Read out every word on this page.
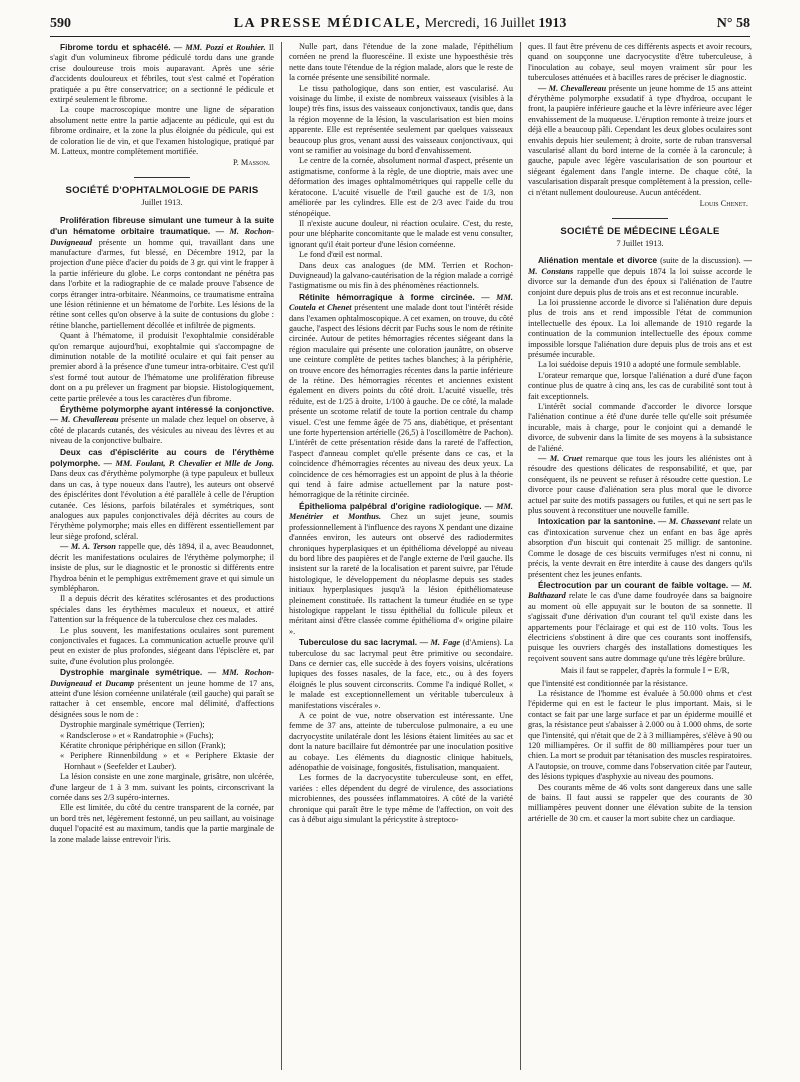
590	LA PRESSE MÉDICALE, Mercredi, 16 Juillet 1913	N° 58

Fibrome tordu et sphacélé. — MM. Pozzi et Rouhier. Il s'agit d'un volumineux fibrome pédiculé tordu dans une grande crise douloureuse trois mois auparavant. Après une série d'accidents douloureux et fébriles, tout s'est calmé et l'opération pratiquée a pu être conservatrice; on a sectionné le pédicule et extirpé seulement le fibrome.

La coupe macroscopique montre une ligne de séparation absolument nette entre la partie adjacente au pédicule, qui est du fibrome ordinaire, et la zone la plus éloignée du pédicule, qui est de coloration lie de vin, et que l'examen histologique, pratiqué par M. Latteux, montre complètement mortifiée.

P. Masson.
SOCIÉTÉ D'OPHTALMOLOGIE DE PARIS
Juillet 1913.

Prolifération fibreuse simulant une tumeur à la suite d'un hématome orbitaire traumatique. — M. Rochon-Duvigneaud présente un homme qui, travaillant dans une manufacture d'armes, fut blessé, en Décembre 1912, par la projection d'une pièce d'acier du poids de 3 gr. qui vint le frapper à la partie inférieure du globe. Le corps contondant ne pénétra pas dans l'orbite et la radiographie de ce malade prouve l'absence de corps étranger intra-orbitaire. Néanmoins, ce traumatisme entraîna une lésion rétinienne et un hématome de l'orbite. Les lésions de la rétine sont celles qu'on observe à la suite de contusions du globe : rétine blanche, partiellement décollée et infiltrée de pigments.

Quant à l'hématome, il produisit l'exophtalmie considérable qu'on remarque aujourd'hui, exophtalmie qui s'accompagne de diminution notable de la motilité oculaire et qui fait penser au premier abord à la présence d'une tumeur intra-orbitaire. C'est qu'il s'est formé tout autour de l'hématome une prolifération fibreuse dont on a pu prélever un fragment par biopsie. Histologiquement, cette partie prélevée a tous les caractères d'un fibrome.

Érythème polymorphe ayant intéressé la conjonctive. — M. Chevallereau présente un malade chez lequel on observe, à côté de placards cutanés, des vésicules au niveau des lèvres et au niveau de la conjonctive bulbaire.

Deux cas d'épisclérite au cours de l'érythème polymorphe. — MM. Foulant, P. Chevalier et Mlle de Jong. Dans deux cas d'érythème polymorphe (à type papuleux et bulleux dans un cas, à type noueux dans l'autre), les auteurs ont observé des épisclérites dont l'évolution a été parallèle à celle de l'éruption cutanée. Ces lésions, parfois bilatérales et symétriques, sont analogues aux papules conjonctivales déjà décrites au cours de l'érythème polymorphe; mais elles en diffèrent essentiellement par leur siège profond, scléral.

— M. A. Terson rappelle que, dès 1894, il a, avec Beaudonnet, décrit les manifestations oculaires de l'érythème polymorphe; il insiste de plus, sur le diagnostic et le pronostic si différents entre l'hydroa bénin et le pemphigus extrêmement grave et qui simule un symblépharon.

Il a depuis décrit des kératites sclérosantes et des productions spéciales dans les érythèmes maculeux et noueux, et attiré l'attention sur la fréquence de la tuberculose chez ces malades.

Le plus souvent, les manifestations oculaires sont purement conjonctivales et fugaces. La communication actuelle prouve qu'il peut en exister de plus profondes, siégeant dans l'épisclère et, par suite, d'une évolution plus prolongée.

Dystrophie marginale symétrique. — MM. Rochon-Duvigneaud et Ducamp présentent un jeune homme de 17 ans, atteint d'une lésion cornéenne unilatérale (œil gauche) qui paraît se rattacher à cet ensemble, encore mal délimité, d'affections désignées sous le nom de :

Dystrophie marginale symétrique (Terrien);

« Randsclerose » et « Randatrophie » (Fuchs);

Kératite chronique périphérique en sillon (Frank);

« Periphere Rinnenbildung » et « Periphere Ektasie der Hornhaut » (Seefelder et Lauber).

La lésion consiste en une zone marginale, grisâtre, non ulcérée, d'une largeur de 1 à 3 mm. suivant les points, circonscrivant la cornée dans ses 2/3 supéro-internes.

Elle est limitée, du côté du centre transparent de la cornée, par un bord très net, légèrement festonné, un peu saillant, au voisinage duquel l'opacité est au maximum, tandis que la partie marginale de la zone malade laisse entrevoir l'iris.

Nulle part, dans l'étendue de la zone malade, l'épithélium cornéen ne prend la fluorescéine. Il existe une hypoesthésie très nette dans toute l'étendue de la région malade, alors que le reste de la cornée présente une sensibilité normale.

Le tissu pathologique, dans son entier, est vascularisé. Au voisinage du limbe, il existe de nombreux vaisseaux (visibles à la loupe) très fins, issus des vaisseaux conjonctivaux, tandis que, dans la région moyenne de la lésion, la vascularisation est bien moins apparente. Elle est représentée seulement par quelques vaisseaux beaucoup plus gros, venant aussi des vaisseaux conjonctivaux, qui vont se ramifier au voisinage du bord d'envahissement.

Le centre de la cornée, absolument normal d'aspect, présente un astigmatisme, conforme à la règle, de une dioptrie, mais avec une déformation des images ophtalmométriques qui rappelle celle du kératocone. L'acuité visuelle de l'œil gauche est de 1/3, non améliorée par les cylindres. Elle est de 2/3 avec l'aide du trou sténopéique.

Il n'existe aucune douleur, ni réaction oculaire. C'est, du reste, pour une blépharite concomitante que le malade est venu consulter, ignorant qu'il était porteur d'une lésion cornéenne.

Le fond d'œil est normal.

Dans deux cas analogues (de MM. Terrien et Rochon-Duvigneaud) la galvano-cautérisation de la région malade a corrigé l'astigmatisme ou mis fin à des phénomènes réactionnels.

Rétinite hémorragique à forme circinée. — MM. Coutela et Chenet présentent une malade dont tout l'intérêt réside dans l'examen ophtalmoscopique. A cet examen, on trouve, du côté gauche, l'aspect des lésions décrit par Fuchs sous le nom de rétinite circinée. Autour de petites hémorragies récentes siégeant dans la région maculaire qui présente une coloration jaunâtre, on observe une ceinture complète de petites taches blanches; à la périphérie, on trouve encore des hémorragies récentes dans la partie inférieure de la rétine. Des hémorragies récentes et anciennes existent également en divers points du côté droit. L'acuité visuelle, très réduite, est de 1/25 à droite, 1/100 à gauche. De ce côté, la malade présente un scotome relatif de toute la portion centrale du champ visuel. C'est une femme âgée de 75 ans, diabétique, et présentant une forte hypertension artérielle (26,5) à l'oscillomètre de Pachon). L'intérêt de cette présentation réside dans la rareté de l'affection, l'aspect d'anneau complet qu'elle présente dans ce cas, et la coïncidence d'hémorragies récentes au niveau des deux yeux. La coïncidence de ces hémorragies est un appoint de plus à la théorie qui tend à faire admise actuellement par la nature post-hémorragique de la rétinite circinée.

Épithelioma palpébral d'origine radiologique. — MM. Menétrier et Monthus. Chez un sujet jeune, soumis professionnellement à l'influence des rayons X pendant une dizaine d'années environ, les auteurs ont observé des radiodermites chroniques hyperplasiques et un épithélioma développé au niveau du bord libre des paupières et de l'angle externe de l'œil gauche. Ils insistent sur la rareté de la localisation et parent suivre, par l'étude histologique, le développement du néoplasme depuis ses stades initiaux hyperplasiques jusqu'à la lésion épithéliomateuse pleinement constituée. Ils rattachent la tumeur étudiée en se type histologique rappelant le tissu épithélial du follicule pileux et méritant ainsi d'être classée comme épithélioma d'« origine pilaire ».

Tuberculose du sac lacrymal. — M. Fage (d'Amiens). La tuberculose du sac lacrymal peut être primitive ou secondaire. Dans ce dernier cas, elle succède à des foyers voisins, ulcérations lupiques des fosses nasales, de la face, etc., ou à des foyers éloignés le plus souvent circonscrits. Comme l'a indiqué Rollet, « le malade est exceptionnellement un véritable tuberculeux à manifestations viscérales ».

A ce point de vue, notre observation est intéressante. Une femme de 37 ans, atteinte de tuberculose pulmonaire, a eu une dacryocystite unilatérale dont les lésions étaient limitées au sac et dont la nature bacillaire fut démontrée par une inoculation positive au cobaye. Les éléments du diagnostic clinique habituels, adénopathie de voisinage, fongosités, fistulisation, manquaient.

Les formes de la dacryocystite tuberculeuse sont, en effet, variées : elles dépendent du degré de virulence, des associations microbiennes, des poussées inflammatoires. A côté de la variété chronique qui paraît être le type même de l'affection, on voit des cas à début aigu simulant la péricystite à streptoco-

ques. Il faut être prévenu de ces différents aspects et avoir recours, quand on soupçonne une dacryocystite d'être tuberculeuse, à l'inoculation au cobaye, seul moyen vraiment sûr pour les tuberculoses atténuées et à bacilles rares de préciser le diagnostic.

— M. Chevallereau présente un jeune homme de 15 ans atteint d'érythème polymorphe exsudatif à type d'hydroa, occupant le front, la paupière inférieure gauche et la lèvre inférieure avec léger envahissement de la muqueuse. L'éruption remonte à treize jours et déjà elle a beaucoup pâli. Cependant les deux globes oculaires sont envahis depuis hier seulement; à droite, sorte de ruban transversal vascularisé allant du bord interne de la cornée à la caroncule; à gauche, papule avec légère vascularisation de son pourtour et siégeant également dans l'angle interne. De chaque côté, la vascularisation disparaît presque complètement à la pression, celle-ci n'étant nullement douloureuse. Aucun antécédent.

Louis Chenet.
SOCIÉTÉ DE MÉDECINE LÉGALE
7 Juillet 1913.

Aliénation mentale et divorce (suite de la discussion). — M. Constans rappelle que depuis 1874 la loi suisse accorde le divorce sur la demande d'un des époux si l'aliénation de l'autre conjoint dure depuis plus de trois ans et est reconnue incurable.

La loi prussienne accorde le divorce si l'aliénation dure depuis plus de trois ans et rend impossible l'état de communion intellectuelle des époux. La loi allemande de 1910 regarde la continuation de la communion intellectuelle des époux comme impossible lorsque l'aliénation dure depuis plus de trois ans et est présumée incurable.

La loi suédoise depuis 1910 a adopté une formule semblable.

L'orateur remarque que, lorsque l'aliénation a duré d'une façon continue plus de quatre à cinq ans, les cas de curabilité sont tout à fait exceptionnels.

L'intérêt social commande d'accorder le divorce lorsque l'aliénation continue a été d'une durée telle qu'elle soit présumée incurable, mais à charge, pour le conjoint qui a demandé le divorce, de subvenir dans la limite de ses moyens à la subsistance de l'aliéné.

— M. Cruet remarque que tous les jours les aliénistes ont à résoudre des questions délicates de responsabilité, et que, par conséquent, ils ne peuvent se refuser à résoudre cette question. Le divorce pour cause d'aliénation sera plus moral que le divorce actuel par suite des motifs passagers ou futiles, et qui ne sert pas le plus souvent à reconstituer une nouvelle famille.

Intoxication par la santonine. — M. Chassevant relate un cas d'intoxication survenue chez un enfant en bas âge après absorption d'un biscuit qui contenait 25 milligr. de santonine. Comme le dosage de ces biscuits vermifuges n'est ni connu, ni précis, la vente devrait en être interdite à cause des dangers qu'ils présentent chez les jeunes enfants.

Électrocution par un courant de faible voltage. — M. Balthazard relate le cas d'une dame foudroyée dans sa baignoire au moment où elle appuyait sur le bouton de sa sonnette. Il s'agissait d'une dérivation d'un courant tel qu'il existe dans les appartements pour l'éclairage et qui est de 110 volts. Tous les électriciens s'obstinent à dire que ces courants sont inoffensifs, puisque les ouvriers chargés des installations domestiques les reçoivent souvent sans autre dommage qu'une très légère brûlure.

Mais il faut se rappeler, d'après la formule I = E/R,

que l'intensité est conditionnée par la résistance.

La résistance de l'homme est évaluée à 50.000 ohms et c'est l'épiderme qui en est le facteur le plus important. Mais, si le contact se fait par une large surface et par un épiderme mouillé et gras, la résistance peut s'abaisser à 2.000 ou à 1.000 ohms, de sorte que l'intensité, qui n'était que de 2 à 3 milliampères, s'élève à 90 ou 120 milliampères. Or il suffit de 80 milliampères pour tuer un chien. La mort se produit par tétanisation des muscles respiratoires. A l'autopsie, on trouve, comme dans l'observation citée par l'auteur, des lésions typiques d'asphyxie au niveau des poumons.

Des courants même de 46 volts sont dangereux dans une salle de bains. Il faut aussi se rappeler que des courants de 30 milliampères peuvent donner une élévation subite de la tension artérielle de 30 cm. et causer la mort subite chez un cardiaque.
